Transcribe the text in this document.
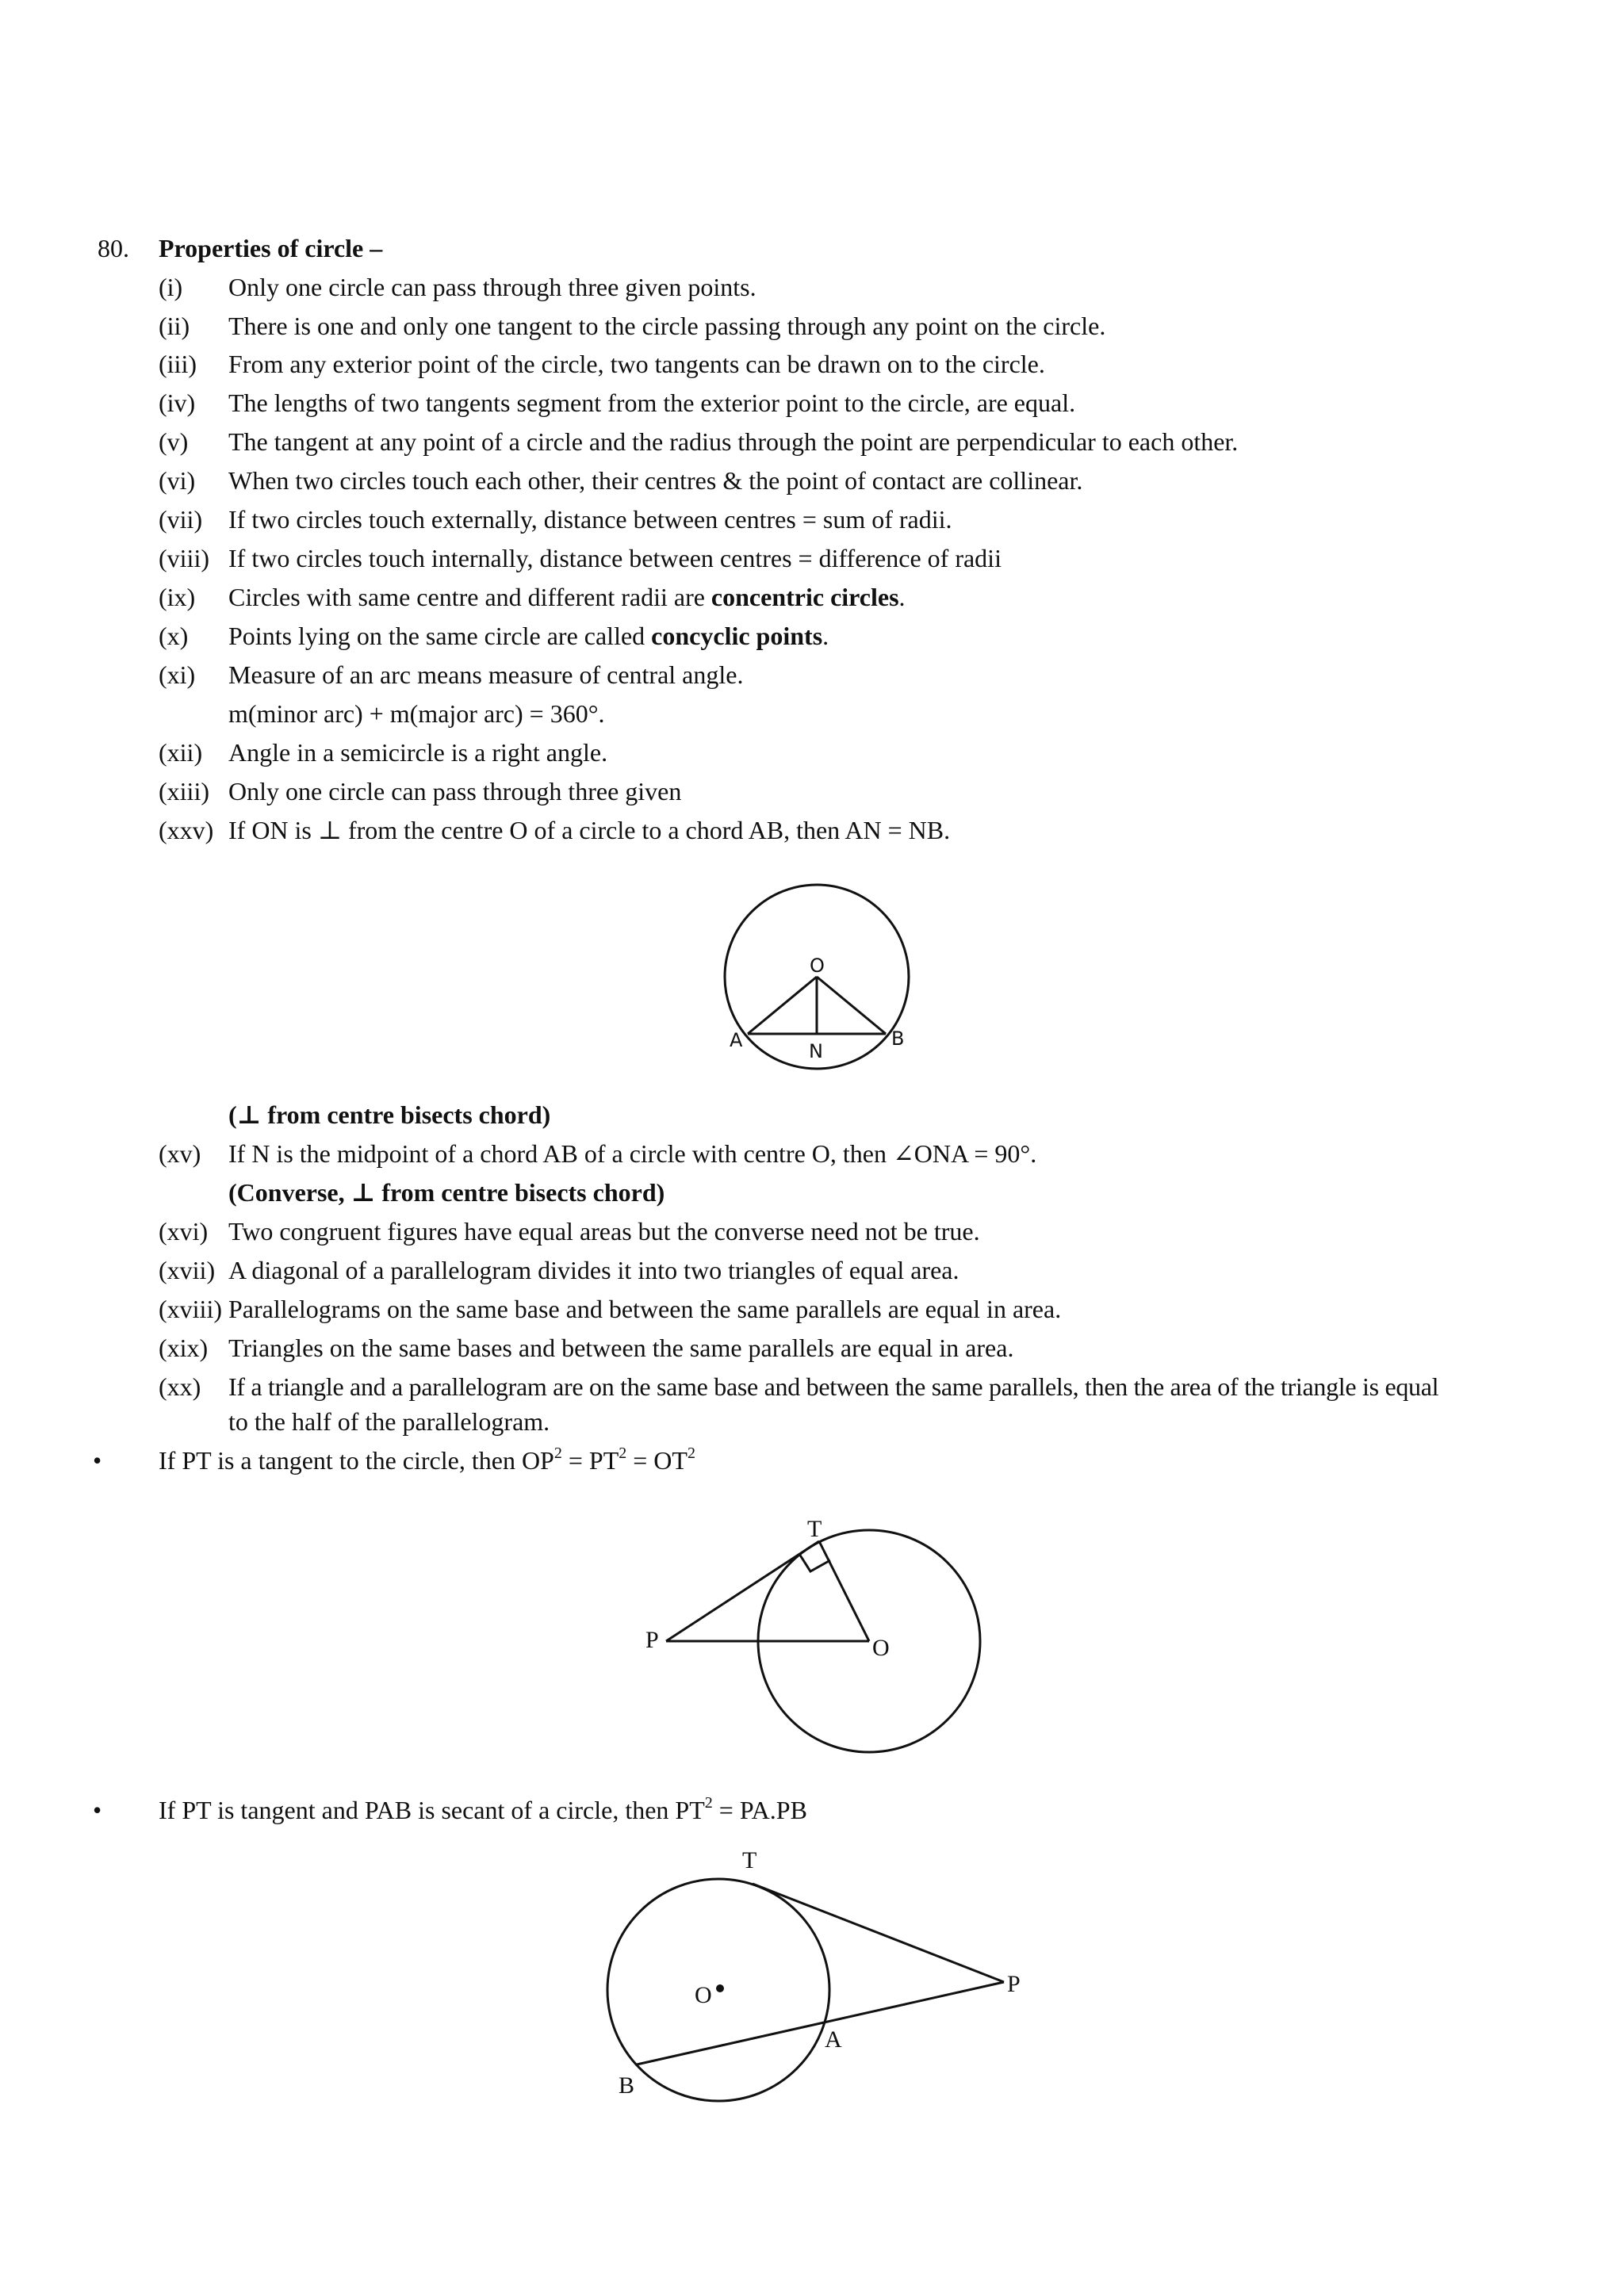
80. Properties of circle –
(i) Only one circle can pass through three given points.
(ii) There is one and only one tangent to the circle passing through any point on the circle.
(iii) From any exterior point of the circle, two tangents can be drawn on to the circle.
(iv) The lengths of two tangents segment from the exterior point to the circle, are equal.
(v) The tangent at any point of a circle and the radius through the point are perpendicular to each other.
(vi) When two circles touch each other, their centres & the point of contact are collinear.
(vii) If two circles touch externally, distance between centres = sum of radii.
(viii) If two circles touch internally, distance between centres = difference of radii
(ix) Circles with same centre and different radii are concentric circles.
(x) Points lying on the same circle are called concyclic points.
(xi) Measure of an arc means measure of central angle.
m(minor arc) + m(major arc) = 360°.
(xii) Angle in a semicircle is a right angle.
(xiii) Only one circle can pass through three given
(xxv) If ON is ⊥ from the centre O of a circle to a chord AB, then AN = NB.
O
A	N
B
(⊥ from centre bisects chord)
(xv) If N is the midpoint of a chord AB of a circle with centre O, then ∠ONA = 90°.
(Converse, ⊥ from centre bisects chord)
(xvi) Two congruent figures have equal areas but the converse need not be true.
(xvii) A diagonal of a parallelogram divides it into two triangles of equal area.
(xviii) Parallelograms on the same base and between the same parallels are equal in area.
(xix) Triangles on the same bases and between the same parallels are equal in area.
(xx) If a triangle and a parallelogram are on the same base and between the same parallels, then the area of the triangle is equal
to the half of the parallelogram.
• If PT is a tangent to the circle, then $OP^2 = PT^2 = OT^2$
T
P	O
• If PT is tangent and PAB is secant of a circle, then $PT^2 = PA.PB$
T
O	P
A
B
